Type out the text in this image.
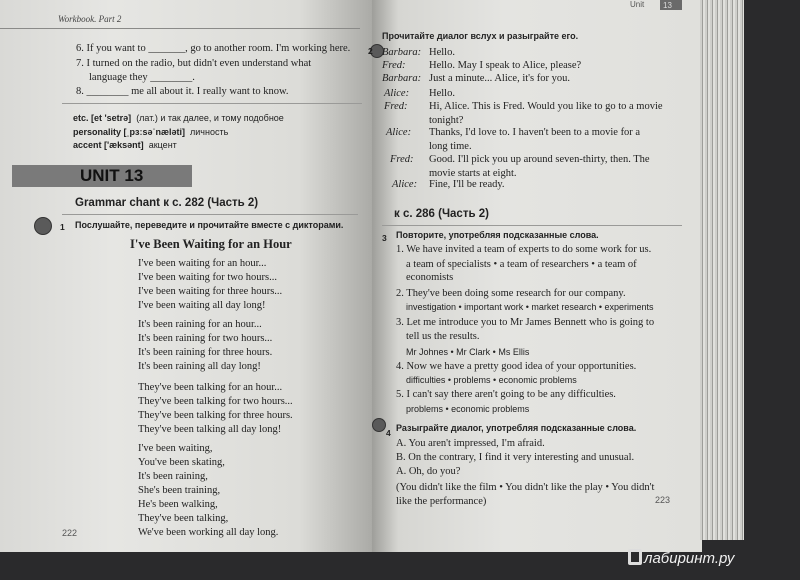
Workbook. Part 2
6. If you want to _______, go to another room. I'm working here.
7. I turned on the radio, but didn't even understand what
language they ________.
8. ________ me all about it. I really want to know.
etc. [et 'setrə] (лат.) и так далее, и тому подобное
personality [ˌpɜːsəˈnæləti] личность
accent ['æksənt] акцент
UNIT 13
Grammar chant к с. 282 (Часть 2)
1 Послушайте, переведите и прочитайте вместе с дикторами.
I've Been Waiting for an Hour
I've been waiting for an hour...
I've been waiting for two hours...
I've been waiting for three hours...
I've been waiting all day long!
It's been raining for an hour...
It's been raining for two hours...
It's been raining for three hours.
It's been raining all day long!
They've been talking for an hour...
They've been talking for two hours...
They've been talking for three hours.
They've been talking all day long!
I've been waiting,
You've been skating,
It's been raining,
She's been training,
He's been walking,
They've been talking,
We've been working all day long.
222
Unit 13
2
Прочитайте диалог вслух и разыграйте его.
Barbara: Hello.
Fred: Hello. May I speak to Alice, please?
Barbara: Just a minute... Alice, it's for you.
Alice: Hello.
Fred: Hi, Alice. This is Fred. Would you like to go to a movie
tonight?
Alice: Thanks, I'd love to. I haven't been to a movie for a
long time.
Fred: Good. I'll pick you up around seven-thirty, then. The
movie starts at eight.
Alice: Fine, I'll be ready.
к с. 286 (Часть 2)
3 Повторите, употребляя подсказанные слова.
1. We have invited a team of experts to do some work for us.
a team of specialists • a team of researchers • a team of
economists
2. They've been doing some research for our company.
investigation • important work • market research • experiments
3. Let me introduce you to Mr James Bennett who is going to
tell us the results.
Mr Johnes • Mr Clark • Ms Ellis
4. Now we have a pretty good idea of your opportunities.
difficulties • problems • economic problems
5. I can't say there aren't going to be any difficulties.
problems • economic problems
4 Разыграйте диалог, употребляя подсказанные слова.
A. You aren't impressed, I'm afraid.
B. On the contrary, I find it very interesting and unusual.
A. Oh, do you?
(You didn't like the film • You didn't like the play • You didn't
like the performance)	223
лабиринт.ру
